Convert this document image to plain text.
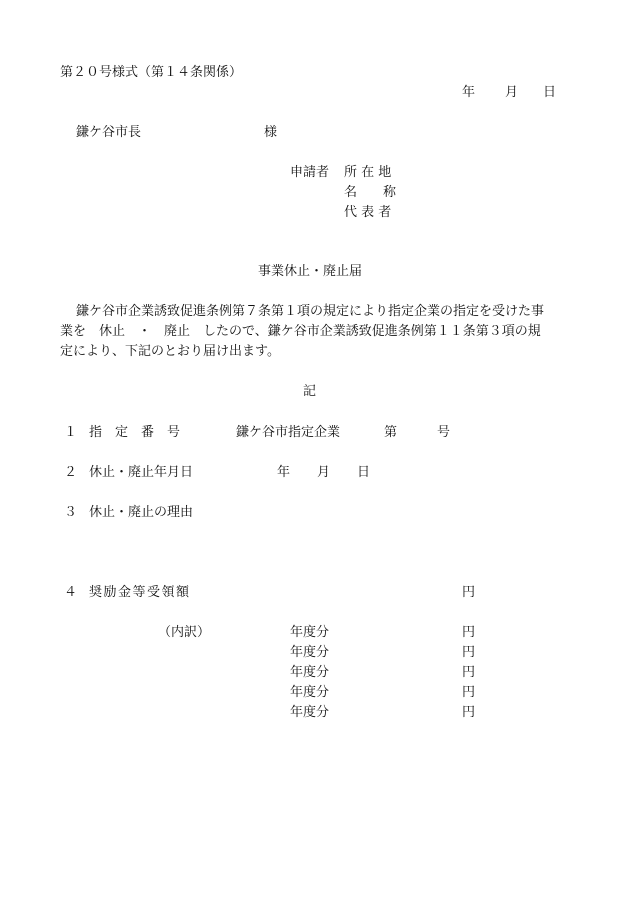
第２０号様式（第１４条関係）
年 月 日
鎌ケ谷市長	様
申請者 所 在 地
名　　称
代 表 者
事業休止・廃止届
鎌ケ谷市企業誘致促進条例第７条第１項の規定により指定企業の指定を受けた事
業を　休止　・　廃止　したので、鎌ケ谷市企業誘致促進条例第１１条第３項の規
定により、下記のとおり届け出ます。
記
１ 指　定　番　号	鎌ケ谷市指定企業	第	号
２ 休止・廃止年月日	年 月 日
３ 休止・廃止の理由
４ 奨励金等受領額	円
（内訳）	年度分	円
年度分	円
年度分	円
年度分	円
年度分	円
